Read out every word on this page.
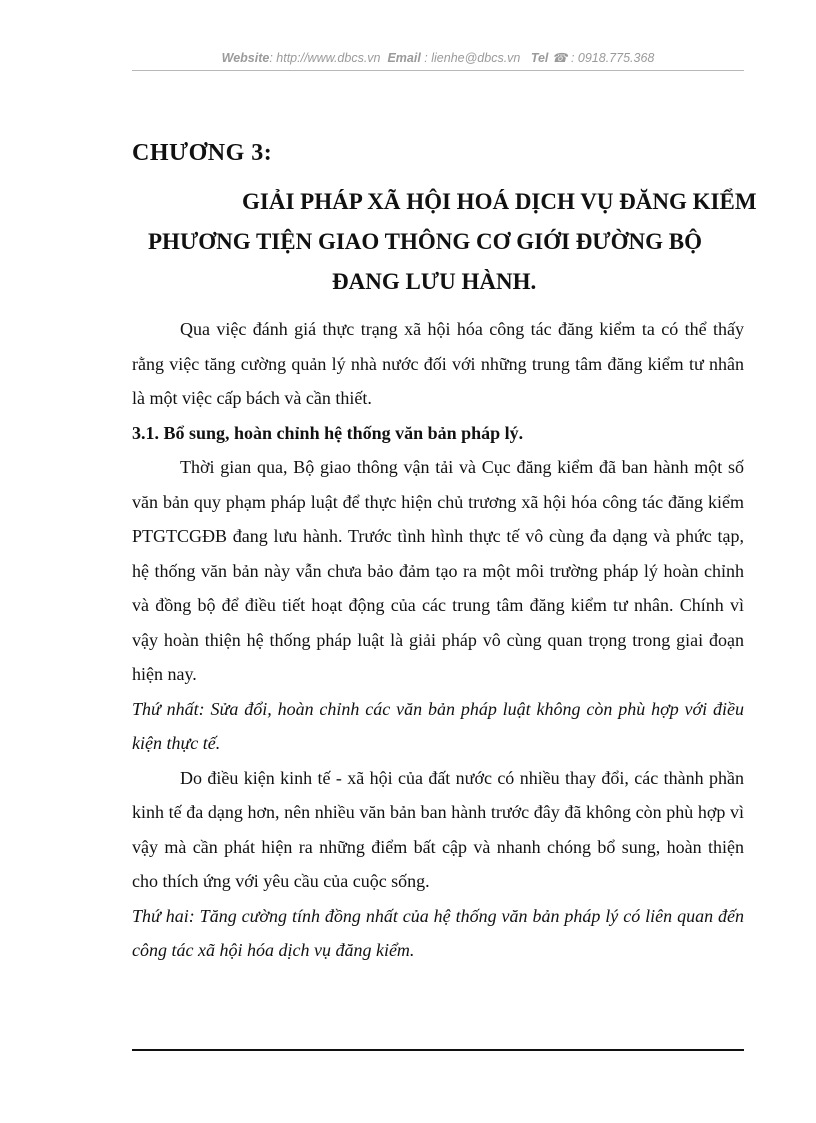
Website: http://www.dbcs.vn Email : lienhe@dbcs.vn Tel ☎ : 0918.775.368
CHƯƠNG 3:
GIẢI PHÁP XÃ HỘI HOÁ DỊCH VỤ ĐĂNG KIỂM
PHƯƠNG TIỆN GIAO THÔNG CƠ GIỚI ĐƯỜNG BỘ
ĐANG LƯU HÀNH.

Qua việc đánh giá thực trạng xã hội hóa công tác đăng kiểm ta có thể thấy rằng việc tăng cường quản lý nhà nước đối với những trung tâm đăng kiểm tư nhân là một việc cấp bách và cần thiết.

3.1. Bổ sung, hoàn chỉnh hệ thống văn bản pháp lý.

Thời gian qua, Bộ giao thông vận tải và Cục đăng kiểm đã ban hành một số văn bản quy phạm pháp luật để thực hiện chủ trương xã hội hóa công tác đăng kiểm PTGTCGĐB đang lưu hành. Trước tình hình thực tế vô cùng đa dạng và phức tạp, hệ thống văn bản này vẫn chưa bảo đảm tạo ra một môi trường pháp lý hoàn chỉnh và đồng bộ để điều tiết hoạt động của các trung tâm đăng kiểm tư nhân. Chính vì vậy hoàn thiện hệ thống pháp luật là giải pháp vô cùng quan trọng trong giai đoạn hiện nay.

Thứ nhất: Sửa đổi, hoàn chỉnh các văn bản pháp luật không còn phù hợp với điều kiện thực tế.

Do điều kiện kinh tế - xã hội của đất nước có nhiều thay đổi, các thành phần kinh tế đa dạng hơn, nên nhiều văn bản ban hành trước đây đã không còn phù hợp vì vậy mà cần phát hiện ra những điểm bất cập và nhanh chóng bổ sung, hoàn thiện cho thích ứng với yêu cầu của cuộc sống.

Thứ hai: Tăng cường tính đồng nhất của hệ thống văn bản pháp lý có liên quan đến công tác xã hội hóa dịch vụ đăng kiểm.
